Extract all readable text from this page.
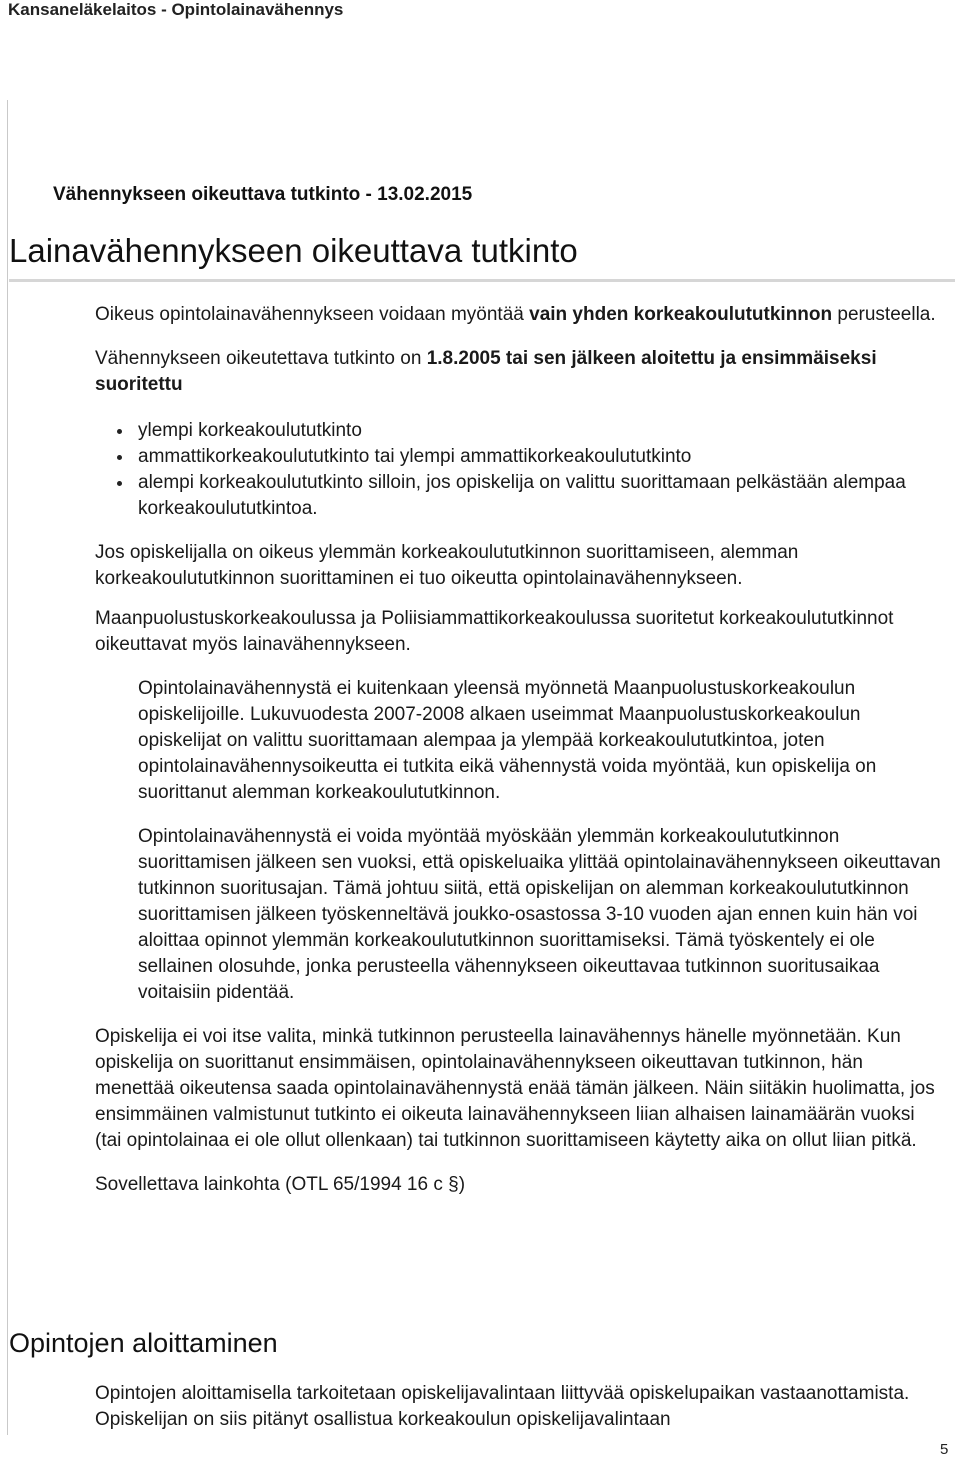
Kansaneläkelaitos - Opintolainavähennys
Vähennykseen oikeuttava tutkinto - 13.02.2015
Lainavähennykseen oikeuttava tutkinto

Oikeus opintolainavähennykseen voidaan myöntää vain yhden korkeakoulututkinnon perusteella.

Vähennykseen oikeutettava tutkinto on 1.8.2005 tai sen jälkeen aloitettu ja ensimmäiseksi suoritettu

ylempi korkeakoulututkinto
ammattikorkeakoulututkinto tai ylempi ammattikorkeakoulututkinto
alempi korkeakoulututkinto silloin, jos opiskelija on valittu suorittamaan pelkästään alempaa korkeakoulututkintoa.

Jos opiskelijalla on oikeus ylemmän korkeakoulututkinnon suorittamiseen, alemman korkeakoulututkinnon suorittaminen ei tuo oikeutta opintolainavähennykseen.

Maanpuolustuskorkeakoulussa ja Poliisiammattikorkeakoulussa suoritetut korkeakoulututkinnot oikeuttavat myös lainavähennykseen.

Opintolainavähennystä ei kuitenkaan yleensä myönnetä Maanpuolustuskorkeakoulun opiskelijoille. Lukuvuodesta 2007-2008 alkaen useimmat Maanpuolustuskorkeakoulun opiskelijat on valittu suorittamaan alempaa ja ylempää korkeakoulututkintoa, joten opintolainavähennysoikeutta ei tutkita eikä vähennystä voida myöntää, kun opiskelija on suorittanut alemman korkeakoulututkinnon.

Opintolainavähennystä ei voida myöntää myöskään ylemmän korkeakoulututkinnon suorittamisen jälkeen sen vuoksi, että opiskeluaika ylittää opintolainavähennykseen oikeuttavan tutkinnon suoritusajan. Tämä johtuu siitä, että opiskelijan on alemman korkeakoulututkinnon suorittamisen jälkeen työskenneltävä joukko-osastossa 3-10 vuoden ajan ennen kuin hän voi aloittaa opinnot ylemmän korkeakoulututkinnon suorittamiseksi. Tämä työskentely ei ole sellainen olosuhde, jonka perusteella vähennykseen oikeuttavaa tutkinnon suoritusaikaa voitaisiin pidentää.

Opiskelija ei voi itse valita, minkä tutkinnon perusteella lainavähennys hänelle myönnetään. Kun opiskelija on suorittanut ensimmäisen, opintolainavähennykseen oikeuttavan tutkinnon, hän menettää oikeutensa saada opintolainavähennystä enää tämän jälkeen. Näin siitäkin huolimatta, jos ensimmäinen valmistunut tutkinto ei oikeuta lainavähennykseen liian alhaisen lainamäärän vuoksi (tai opintolainaa ei ole ollut ollenkaan) tai tutkinnon suorittamiseen käytetty aika on ollut liian pitkä.

Sovellettava lainkohta (OTL 65/1994 16 c §)

Opintojen aloittaminen

Opintojen aloittamisella tarkoitetaan opiskelijavalintaan liittyvää opiskelupaikan vastaanottamista. Opiskelijan on siis pitänyt osallistua korkeakoulun opiskelijavalintaan

5
